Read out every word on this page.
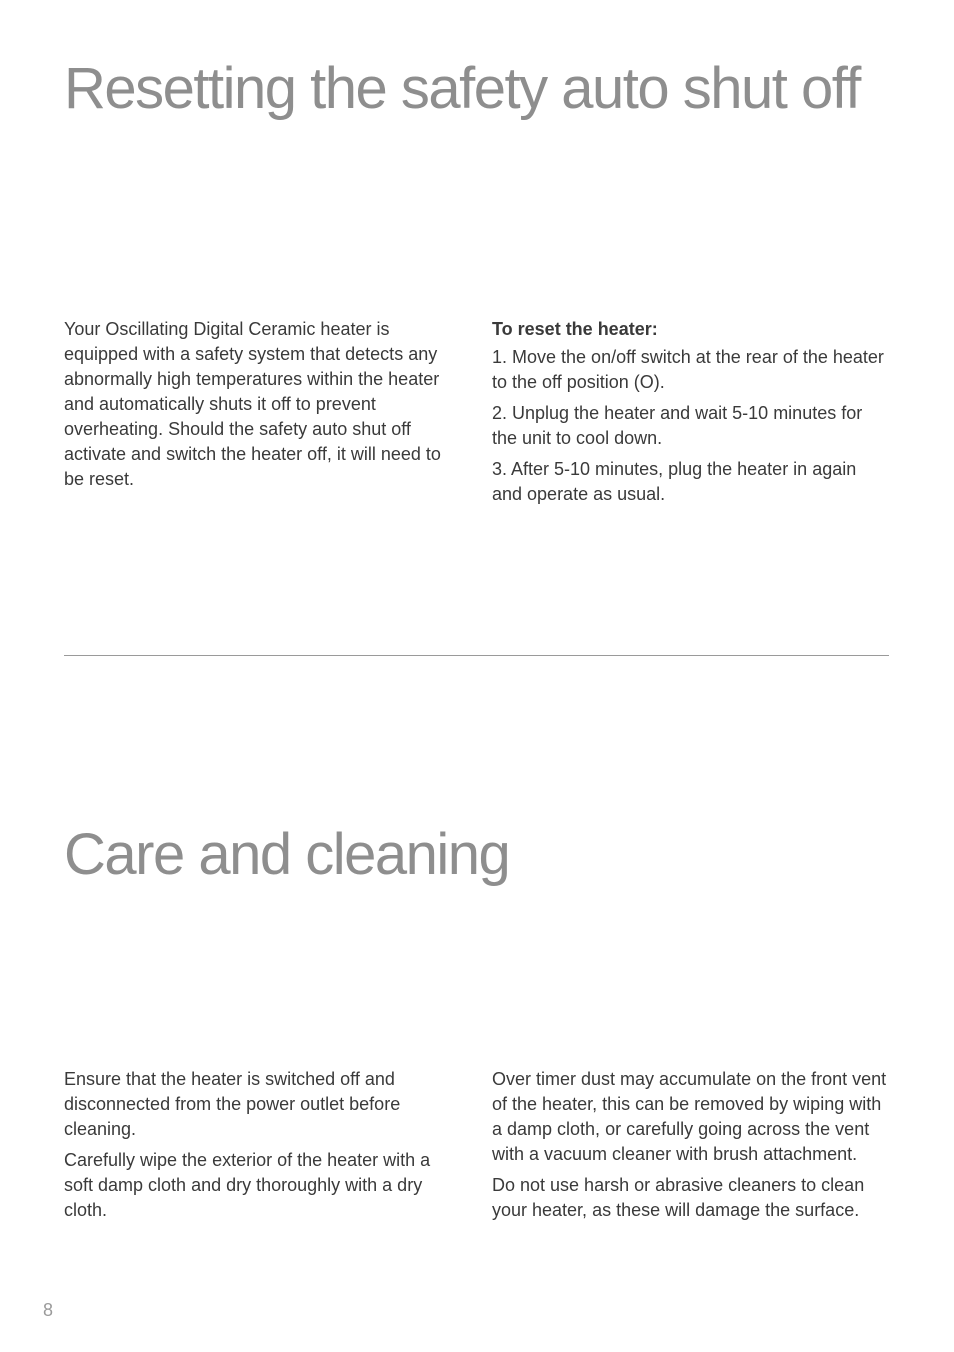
Resetting the safety auto shut off

Your Oscillating Digital Ceramic heater is equipped with a safety system that detects any abnormally high temperatures within the heater and automatically shuts it off to prevent overheating. Should the safety auto shut off activate and switch the heater off, it will need to be reset.

To reset the heater:

1. Move the on/off switch at the rear of the heater to the off position (O).

2. Unplug the heater and wait 5-10 minutes for the unit to cool down.

3. After 5-10 minutes, plug the heater in again and operate as usual.

Care and cleaning

Ensure that the heater is switched off and disconnected from the power outlet before cleaning.

Carefully wipe the exterior of the heater with a soft damp cloth and dry thoroughly with a dry cloth.

Over timer dust may accumulate on the front vent of the heater, this can be removed by wiping with a damp cloth, or carefully going across the vent with a vacuum cleaner with brush attachment.

Do not use harsh or abrasive cleaners to clean your heater, as these will damage the surface.

8
